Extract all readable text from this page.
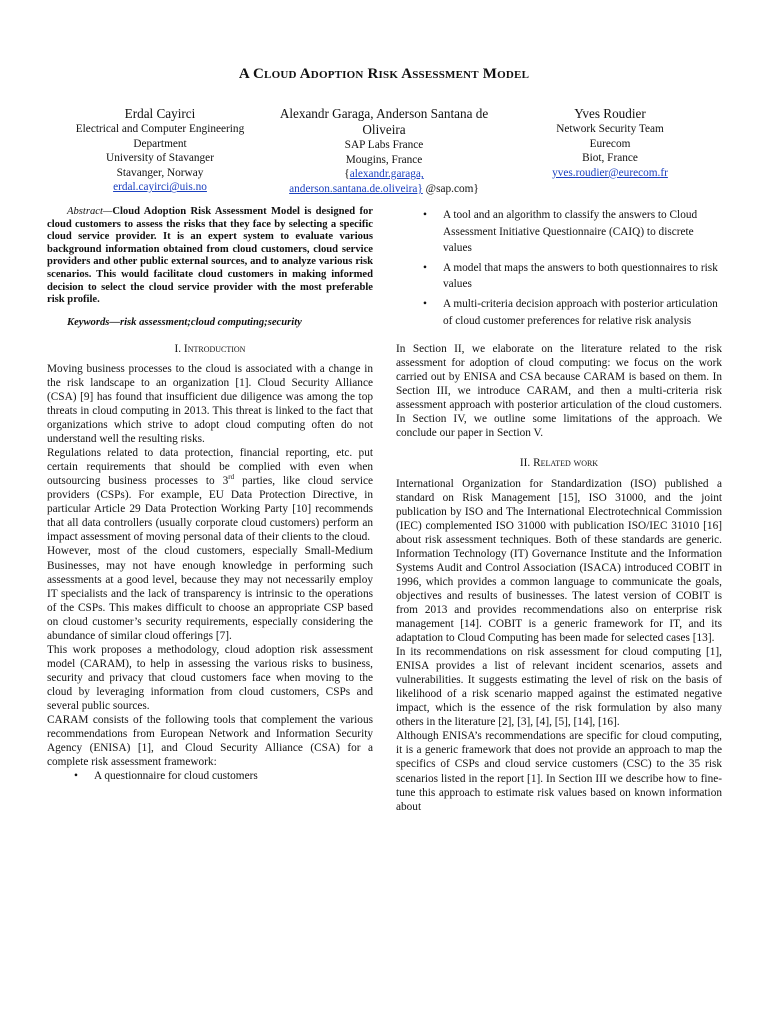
A Cloud Adoption Risk Assessment Model
Erdal Cayirci
Electrical and Computer Engineering
Department
University of Stavanger
Stavanger, Norway
erdal.cayirci@uis.no
Alexandr Garaga, Anderson Santana de Oliveira
SAP Labs France
Mougins, France
{alexandr.garaga,
anderson.santana.de.oliveira} @sap.com}
Yves Roudier
Network Security Team
Eurecom
Biot, France
yves.roudier@eurecom.fr

Abstract—Cloud Adoption Risk Assessment Model is designed for cloud customers to assess the risks that they face by selecting a specific cloud service provider. It is an expert system to evaluate various background information obtained from cloud customers, cloud service providers and other public external sources, and to analyze various risk scenarios. This would facilitate cloud customers in making informed decision to select the cloud service provider with the most preferable risk profile.

Keywords—risk assessment;cloud computing;security

I. Introduction

Moving business processes to the cloud is associated with a change in the risk landscape to an organization [1]. Cloud Security Alliance (CSA) [9] has found that insufficient due diligence was among the top threats in cloud computing in 2013. This threat is linked to the fact that organizations which strive to adopt cloud computing often do not understand well the resulting risks.

Regulations related to data protection, financial reporting, etc. put certain requirements that should be complied with even when outsourcing business processes to 3rd parties, like cloud service providers (CSPs). For example, EU Data Protection Directive, in particular Article 29 Data Protection Working Party [10] recommends that all data controllers (usually corporate cloud customers) perform an impact assessment of moving personal data of their clients to the cloud.

However, most of the cloud customers, especially Small-Medium Businesses, may not have enough knowledge in performing such assessments at a good level, because they may not necessarily employ IT specialists and the lack of transparency is intrinsic to the operations of the CSPs. This makes difficult to choose an appropriate CSP based on cloud customer’s security requirements, especially considering the abundance of similar cloud offerings [7].

This work proposes a methodology, cloud adoption risk assessment model (CARAM), to help in assessing the various risks to business, security and privacy that cloud customers face when moving to the cloud by leveraging information from cloud customers, CSPs and several public sources.

CARAM consists of the following tools that complement the various recommendations from European Network and Information Security Agency (ENISA) [1], and Cloud Security Alliance (CSA) for a complete risk assessment framework:

• A questionnaire for cloud customers
• A tool and an algorithm to classify the answers to Cloud Assessment Initiative Questionnaire (CAIQ) to discrete values
• A model that maps the answers to both questionnaires to risk values
• A multi-criteria decision approach with posterior articulation of cloud customer preferences for relative risk analysis

In Section II, we elaborate on the literature related to the risk assessment for adoption of cloud computing: we focus on the work carried out by ENISA and CSA because CARAM is based on them. In Section III, we introduce CARAM, and then a multi-criteria risk assessment approach with posterior articulation of the cloud customers. In Section IV, we outline some limitations of the approach. We conclude our paper in Section V.

II. Related work

International Organization for Standardization (ISO) published a standard on Risk Management [15], ISO 31000, and the joint publication by ISO and The International Electrotechnical Commission (IEC) complemented ISO 31000 with publication ISO/IEC 31010 [16] about risk assessment techniques. Both of these standards are generic. Information Technology (IT) Governance Institute and the Information Systems Audit and Control Association (ISACA) introduced COBIT in 1996, which provides a common language to communicate the goals, objectives and results of businesses. The latest version of COBIT is from 2013 and provides recommendations also on enterprise risk management [14]. COBIT is a generic framework for IT, and its adaptation to Cloud Computing has been made for selected cases [13].

In its recommendations on risk assessment for cloud computing [1], ENISA provides a list of relevant incident scenarios, assets and vulnerabilities. It suggests estimating the level of risk on the basis of likelihood of a risk scenario mapped against the estimated negative impact, which is the essence of the risk formulation by also many others in the literature [2], [3], [4], [5], [14], [16].

Although ENISA’s recommendations are specific for cloud computing, it is a generic framework that does not provide an approach to map the specifics of CSPs and cloud service customers (CSC) to the 35 risk scenarios listed in the report [1]. In Section III we describe how to fine-tune this approach to estimate risk values based on known information about
